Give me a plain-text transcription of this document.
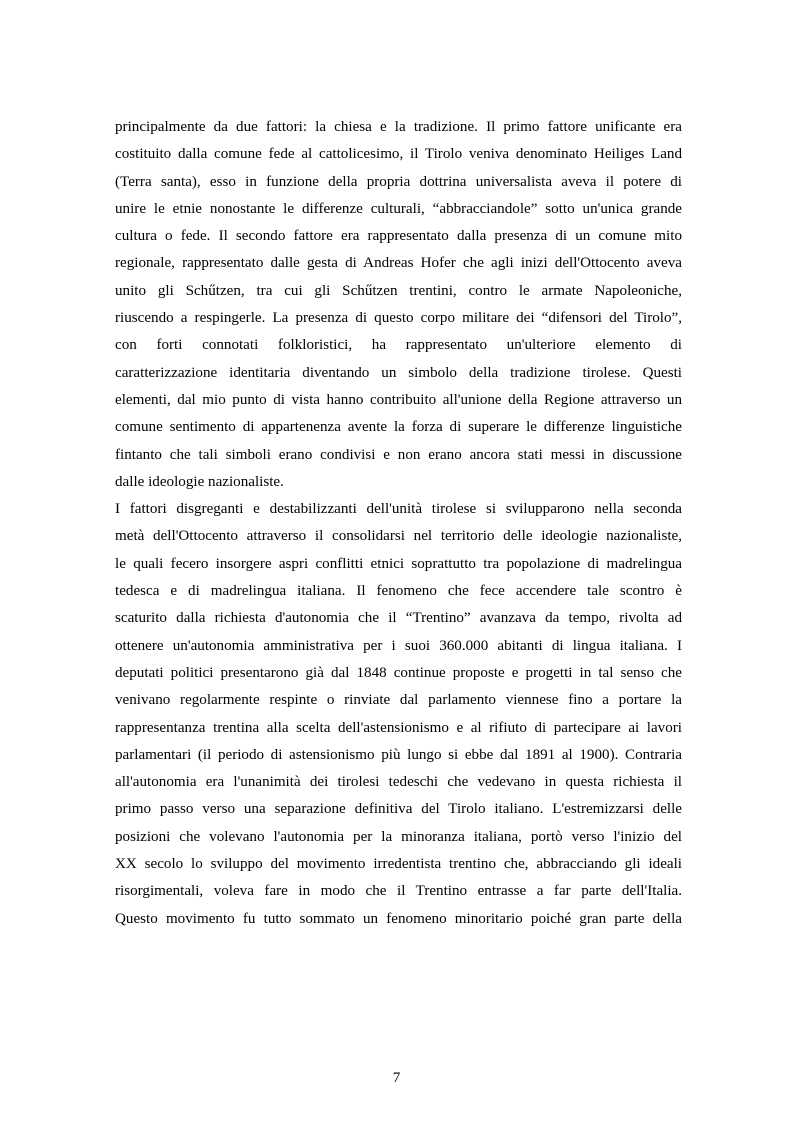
principalmente da due fattori: la chiesa e la tradizione. Il primo fattore unificante era
costituito dalla comune fede al cattolicesimo, il Tirolo veniva denominato Heiliges Land
(Terra santa), esso in funzione della propria dottrina universalista aveva il potere di
unire le etnie nonostante le differenze culturali, “abbracciandole” sotto un'unica grande
cultura o fede. Il secondo fattore era rappresentato dalla presenza di un comune mito
regionale, rappresentato dalle gesta di Andreas Hofer che agli inizi dell'Ottocento aveva
unito gli Schűtzen, tra cui gli Schűtzen trentini, contro le armate Napoleoniche,
riuscendo a respingerle. La presenza di questo corpo militare dei “difensori del Tirolo”,
con forti connotati folkloristici, ha rappresentato un'ulteriore elemento di
caratterizzazione identitaria diventando un simbolo della tradizione tirolese. Questi
elementi, dal mio punto di vista hanno contribuito all'unione della Regione attraverso un
comune sentimento di appartenenza avente la forza di superare le differenze linguistiche
fintanto che tali simboli erano condivisi e non erano ancora stati messi in discussione
dalle ideologie nazionaliste.
I fattori disgreganti e destabilizzanti dell'unità tirolese si svilupparono nella seconda
metà dell'Ottocento attraverso il consolidarsi nel territorio delle ideologie nazionaliste,
le quali fecero insorgere aspri conflitti etnici soprattutto tra popolazione di madrelingua
tedesca e di madrelingua italiana. Il fenomeno che fece accendere tale scontro è
scaturito dalla richiesta d'autonomia che il “Trentino” avanzava da tempo, rivolta ad
ottenere un'autonomia amministrativa per i suoi 360.000 abitanti di lingua italiana. I
deputati politici presentarono già dal 1848 continue proposte e progetti in tal senso che
venivano regolarmente respinte o rinviate dal parlamento viennese fino a portare la
rappresentanza trentina alla scelta dell'astensionismo e al rifiuto di partecipare ai lavori
parlamentari (il periodo di astensionismo più lungo si ebbe dal 1891 al 1900). Contraria
all'autonomia era l'unanimità dei tirolesi tedeschi che vedevano in questa richiesta il
primo passo verso una separazione definitiva del Tirolo italiano. L'estremizzarsi delle
posizioni che volevano l'autonomia per la minoranza italiana, portò verso l'inizio del
XX secolo lo sviluppo del movimento irredentista trentino che, abbracciando gli ideali
risorgimentali, voleva fare in modo che il Trentino entrasse a far parte dell'Italia.
Questo movimento fu tutto sommato un fenomeno minoritario poiché gran parte della
7
